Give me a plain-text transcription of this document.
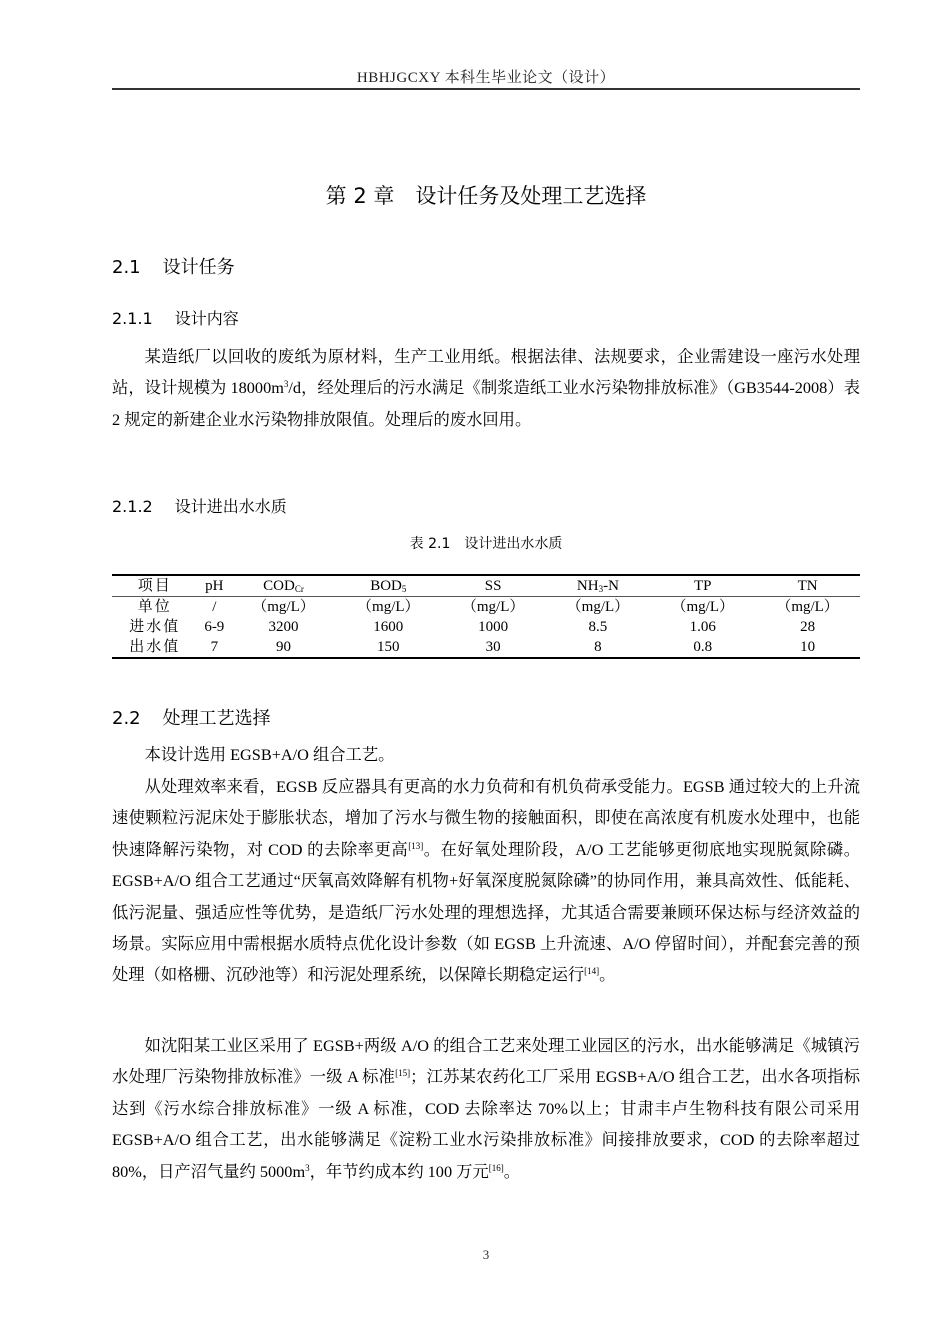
HBHJGCXY 本科生毕业论文（设计）
第 2 章　设计任务及处理工艺选择
2.1 设计任务
2.1.1 设计内容

某造纸厂以回收的废纸为原材料，生产工业用纸。根据法律、法规要求，企业需建设一座污水处理站，设计规模为 $18000m^3/d$，经处理后的污水满足《制浆造纸工业水污染物排放标准》（GB3544-2008）表 2 规定的新建企业水污染物排放限值。处理后的废水回用。

2.1.2 设计进出水水质
表 2.1　设计进出水水质
项目	pH	$COD_{Cr}$	$BOD_5$	SS	$NH_3-N$	TP	TN
单位	/	（mg/L）	（mg/L）	（mg/L）	（mg/L）	（mg/L）	（mg/L）
进水值	6-9	3200	1600	1000	8.5	1.06	28
出水值	7	90	150	30	8	0.8	10
2.2 处理工艺选择

本设计选用 EGSB+A/O 组合工艺。

从处理效率来看，EGSB 反应器具有更高的水力负荷和有机负荷承受能力。EGSB 通过较大的上升流速使颗粒污泥床处于膨胀状态，增加了污水与微生物的接触面积，即使在高浓度有机废水处理中，也能快速降解污染物，对 COD 的去除率更高[13]。在好氧处理阶段，A/O 工艺能够更彻底地实现脱氮除磷。EGSB+A/O 组合工艺通过“厌氧高效降解有机物+好氧深度脱氮除磷”的协同作用，兼具高效性、低能耗、低污泥量、强适应性等优势，是造纸厂污水处理的理想选择，尤其适合需要兼顾环保达标与经济效益的场景。实际应用中需根据水质特点优化设计参数（如 EGSB 上升流速、A/O 停留时间），并配套完善的预处理（如格栅、沉砂池等）和污泥处理系统，以保障长期稳定运行[14]。

如沈阳某工业区采用了 EGSB+两级 A/O 的组合工艺来处理工业园区的污水，出水能够满足《城镇污水处理厂污染物排放标准》一级 A 标准[15]；江苏某农药化工厂采用 EGSB+A/O 组合工艺，出水各项指标达到《污水综合排放标准》一级 A 标准，COD 去除率达 70%以上；甘肃丰卢生物科技有限公司采用 EGSB+A/O 组合工艺，出水能够满足《淀粉工业水污染排放标准》间接排放要求，COD 的去除率超过 80%，日产沼气量约 $5000m^3$，年节约成本约 100 万元[16]。

3
